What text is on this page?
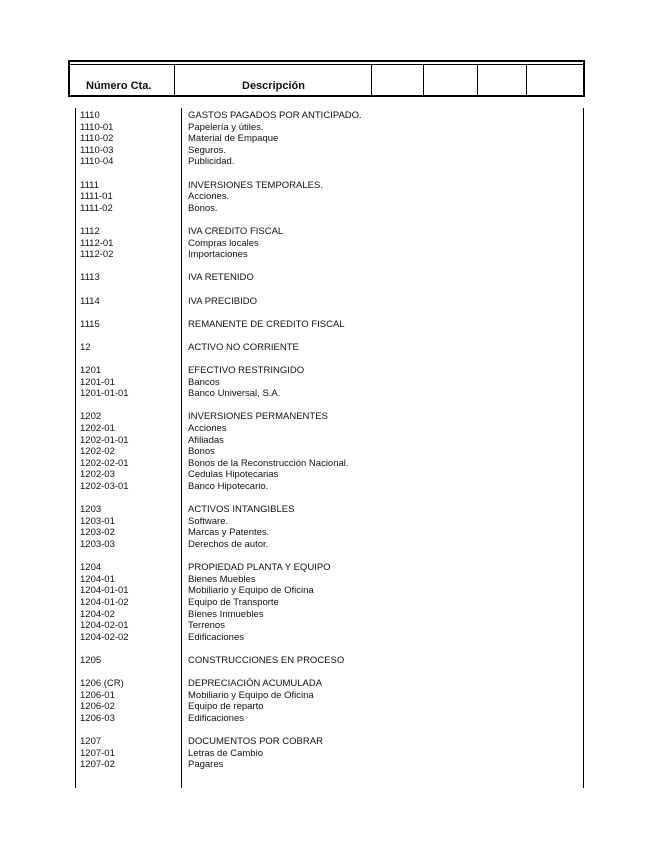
Número Cta.	Descripción
1110	GASTOS PAGADOS POR ANTICIPADO.
1110-01	Papelería y útiles.
1110-02	Material de Empaque
1110-03	Seguros.
1110-04	Publicidad.
1111	INVERSIONES TEMPORALES.
1111-01	Acciones.
1111-02	Bonos.
1112	IVA CREDITO FISCAL
1112-01	Compras locales
1112-02	Importaciones
1113	IVA RETENIDO
1114	IVA PRECIBIDO
1115	REMANENTE DE CREDITO FISCAL
12	ACTIVO NO CORRIENTE
1201	EFECTIVO RESTRINGIDO
1201-01	Bancos
1201-01-01	Banco Universal, S.A.
1202	INVERSIONES PERMANENTES
1202-01	Acciones
1202-01-01	Afiliadas
1202-02	Bonos
1202-02-01	Bonos de la Reconstrucción Nacional.
1202-03	Cedulas Hipotecarias
1202-03-01	Banco Hipotecario.
1203	ACTIVOS INTANGIBLES
1203-01	Software.
1203-02	Marcas y Patentes.
1203-03	Derechos de autor.
1204	PROPIEDAD PLANTA Y EQUIPO
1204-01	Bienes Muebles
1204-01-01	Mobiliario y Equipo de Oficina
1204-01-02	Equipo de Transporte
1204-02	Bienes Inmuebles
1204-02-01	Terrenos
1204-02-02	Edificaciones
1205	CONSTRUCCIONES EN PROCESO
1206 (CR)	DEPRECIACIÓN ACUMULADA
1206-01	Mobiliario y Equipo de Oficina
1206-02	Equipo de reparto
1206-03	Edificaciones
1207	DOCUMENTOS POR COBRAR
1207-01	Letras de Cambio
1207-02	Pagares
